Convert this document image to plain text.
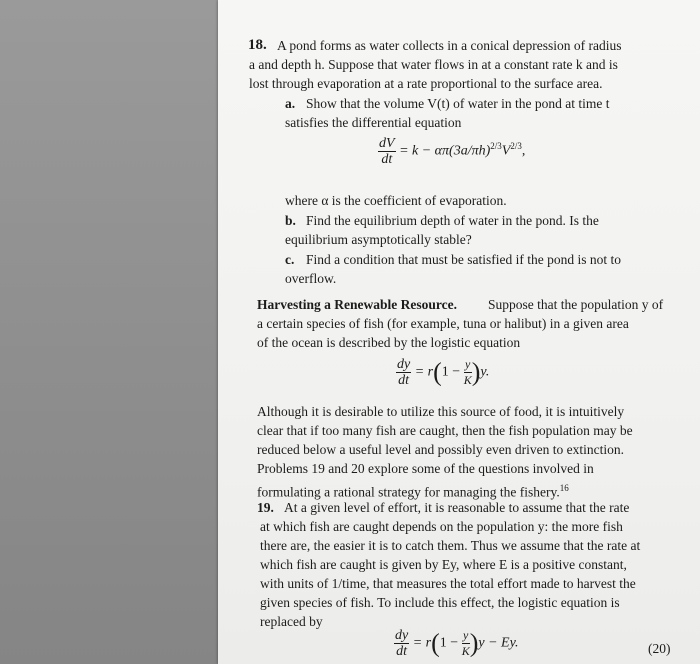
18. A pond forms as water collects in a conical depression of radius
a and depth h. Suppose that water flows in at a constant rate k and is
lost through evaporation at a rate proportional to the surface area.
a. Show that the volume V(t) of water in the pond at time t
satisfies the differential equation
$\frac{dV}{dt} = k - \alpha\pi(3a/\pi h)^{2/3}V^{2/3}$,
where α is the coefficient of evaporation.
b. Find the equilibrium depth of water in the pond. Is the
equilibrium asymptotically stable?
c. Find a condition that must be satisfied if the pond is not to
overflow.
Harvesting a Renewable Resource. Suppose that the population y of
a certain species of fish (for example, tuna or halibut) in a given area
of the ocean is described by the logistic equation
$\frac{dy}{dt} = r(1 - \frac{y}{K} )y$.
Although it is desirable to utilize this source of food, it is intuitively
clear that if too many fish are caught, then the fish population may be
reduced below a useful level and possibly even driven to extinction.
Problems 19 and 20 explore some of the questions involved in
formulating a rational strategy for managing the fishery.$^{16}$
19. At a given level of effort, it is reasonable to assume that the rate
at which fish are caught depends on the population y: the more fish
there are, the easier it is to catch them. Thus we assume that the rate at
which fish are caught is given by Ey, where E is a positive constant,
with units of 1/time, that measures the total effort made to harvest the
given species of fish. To include this effect, the logistic equation is
replaced by
$\frac{dy}{dt} = r(1 - \frac{y}{K} )y - Ey$.	(20)
